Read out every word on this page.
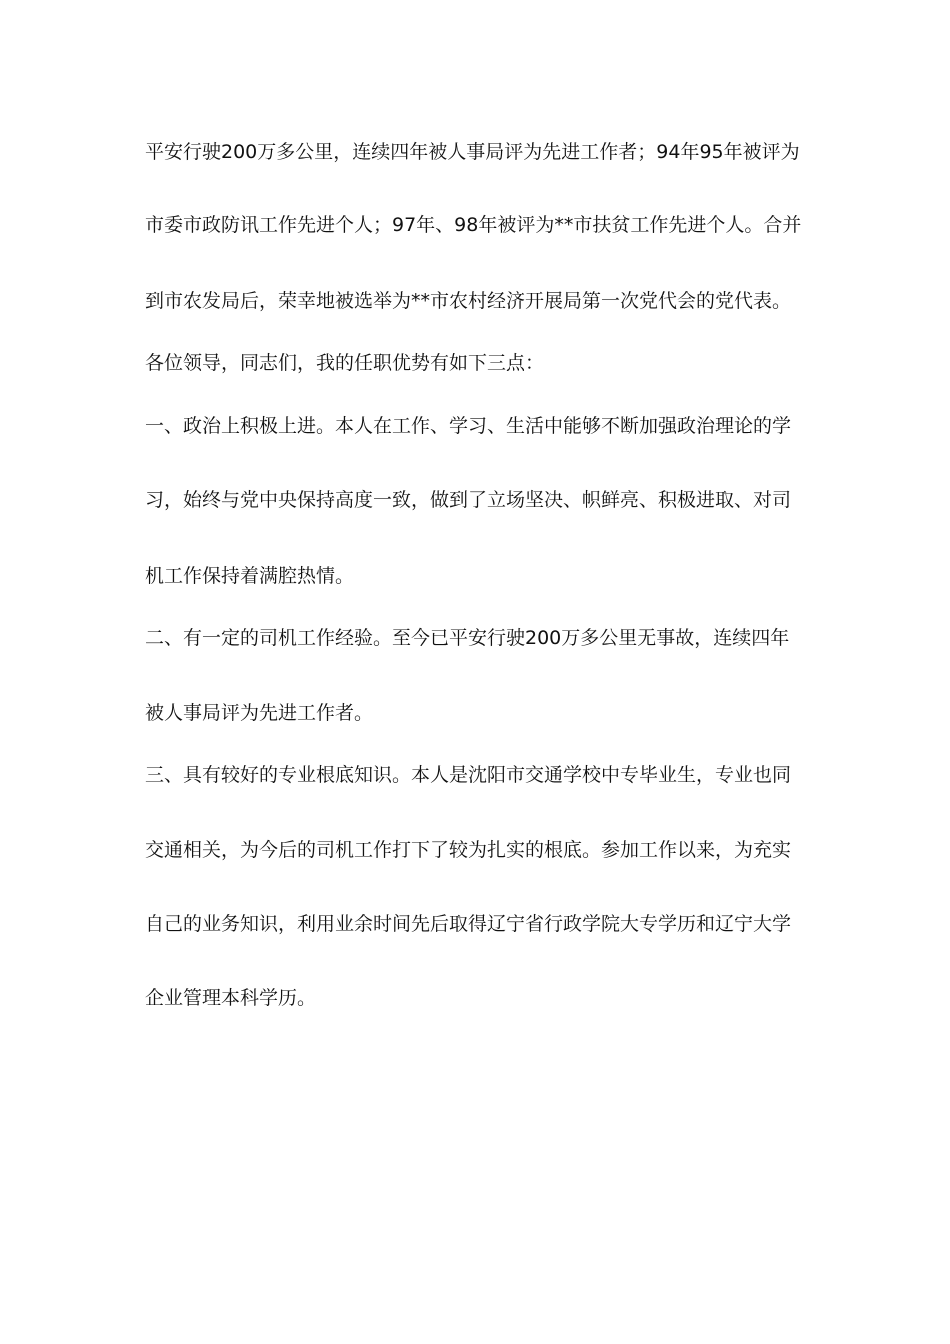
平安行驶200万多公里，连续四年被人事局评为先进工作者；94年95年被评为
市委市政防讯工作先进个人；97年、98年被评为**市扶贫工作先进个人。合并
到市农发局后，荣幸地被选举为**市农村经济开展局第一次党代会的党代表。
各位领导，同志们，我的任职优势有如下三点：
一、政治上积极上进。本人在工作、学习、生活中能够不断加强政治理论的学
习，始终与党中央保持高度一致，做到了立场坚决、帜鲜亮、积极进取、对司
机工作保持着满腔热情。
二、有一定的司机工作经验。至今已平安行驶200万多公里无事故，连续四年
被人事局评为先进工作者。
三、具有较好的专业根底知识。本人是沈阳市交通学校中专毕业生，专业也同
交通相关，为今后的司机工作打下了较为扎实的根底。参加工作以来，为充实
自己的业务知识，利用业余时间先后取得辽宁省行政学院大专学历和辽宁大学
企业管理本科学历。
